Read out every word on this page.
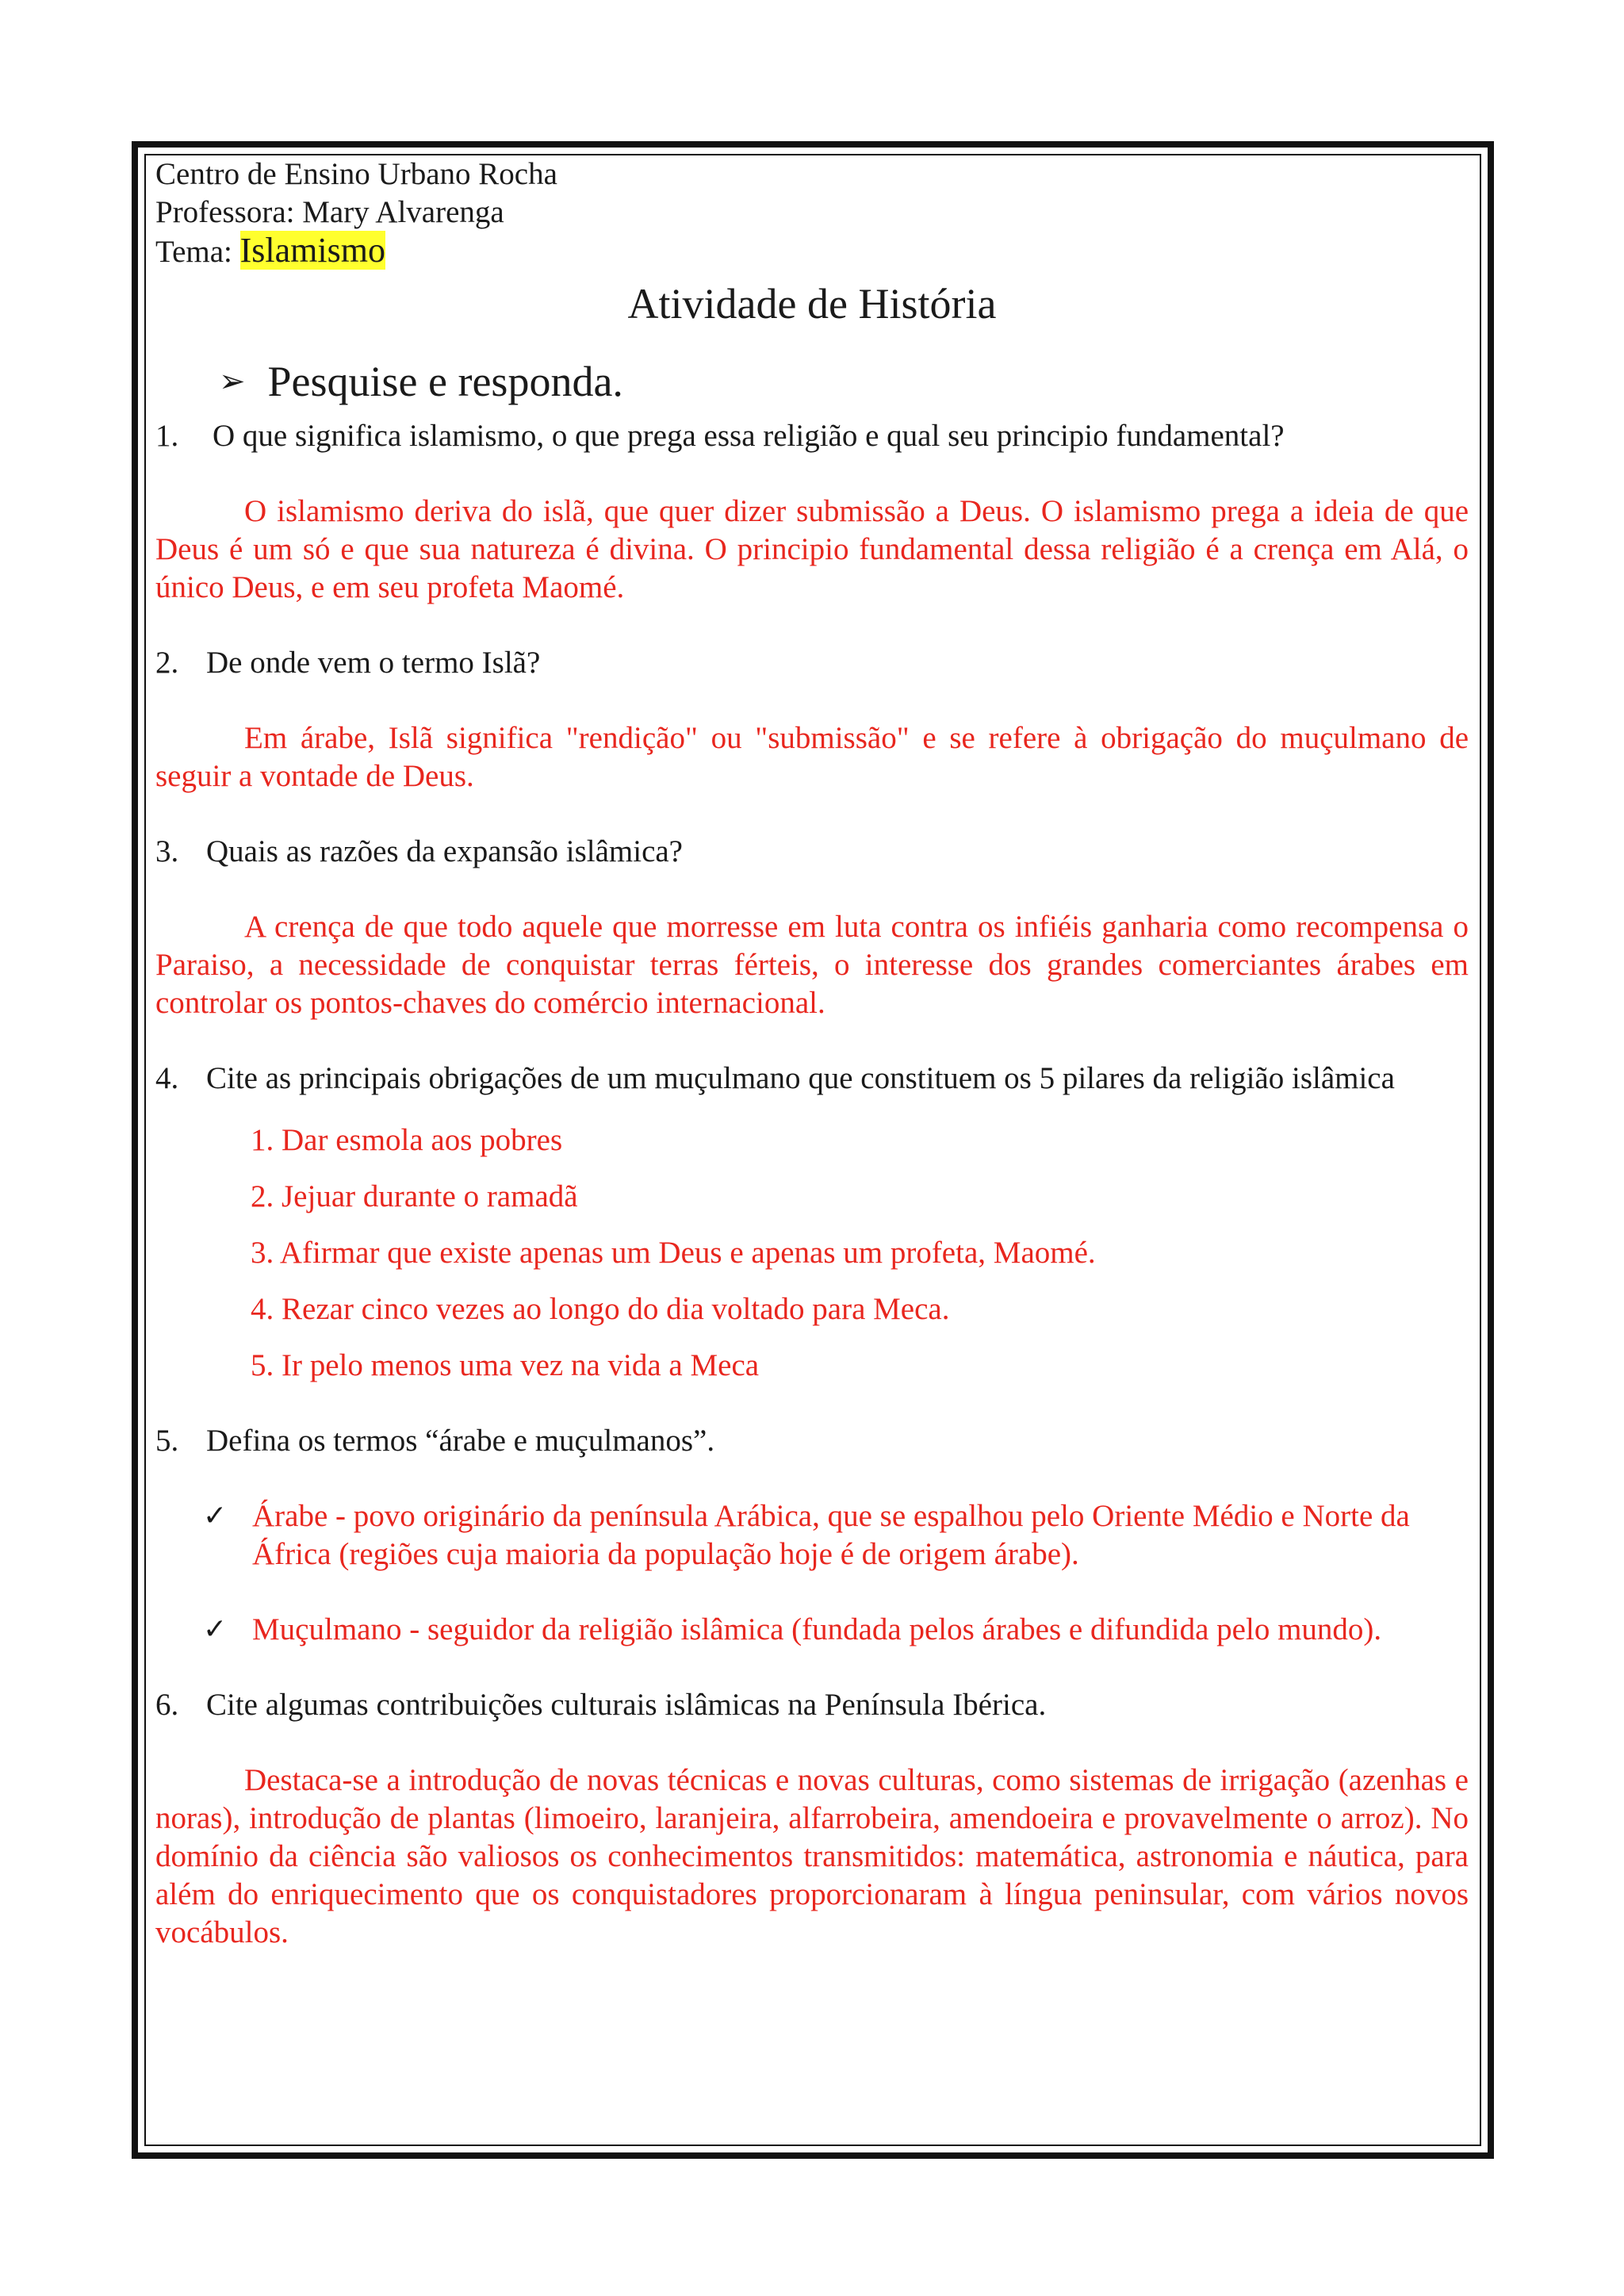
Centro de Ensino Urbano Rocha

Professora: Mary Alvarenga

Tema: Islamismo

Atividade de História

➢ Pesquise e responda.

1.	O que significa islamismo, o que prega essa religião e qual seu principio fundamental?

O islamismo deriva do islã, que quer dizer submissão a Deus. O islamismo prega a ideia de que Deus é um só e que sua natureza é divina. O principio fundamental dessa religião é a crença em Alá, o único Deus, e em seu profeta Maomé.

2. De onde vem o termo Islã?

Em árabe, Islã significa "rendição" ou "submissão" e se refere à obrigação do muçulmano de seguir a vontade de Deus.

3. Quais as razões da expansão islâmica?

A crença de que todo aquele que morresse em luta contra os infiéis ganharia como recompensa o Paraiso, a necessidade de conquistar terras férteis, o interesse dos grandes comerciantes árabes em controlar os pontos-chaves do comércio internacional.

4. Cite as principais obrigações de um muçulmano que constituem os 5 pilares da religião islâmica

1. Dar esmola aos pobres
2. Jejuar durante o ramadã
3. Afirmar que existe apenas um Deus e apenas um profeta, Maomé.
4. Rezar cinco vezes ao longo do dia voltado para Meca.
5. Ir pelo menos uma vez na vida a Meca

5. Defina os termos “árabe e muçulmanos”.

✓ Árabe - povo originário da península Arábica, que se espalhou pelo Oriente Médio e Norte da África (regiões cuja maioria da população hoje é de origem árabe).
✓ Muçulmano - seguidor da religião islâmica (fundada pelos árabes e difundida pelo mundo).

6. Cite algumas contribuições culturais islâmicas na Península Ibérica.

Destaca-se a introdução de novas técnicas e novas culturas, como sistemas de irrigação (azenhas e noras), introdução de plantas (limoeiro, laranjeira, alfarrobeira, amendoeira e provavelmente o arroz). No domínio da ciência são valiosos os conhecimentos transmitidos: matemática, astronomia e náutica, para além do enriquecimento que os conquistadores proporcionaram à língua peninsular, com vários novos vocábulos.
